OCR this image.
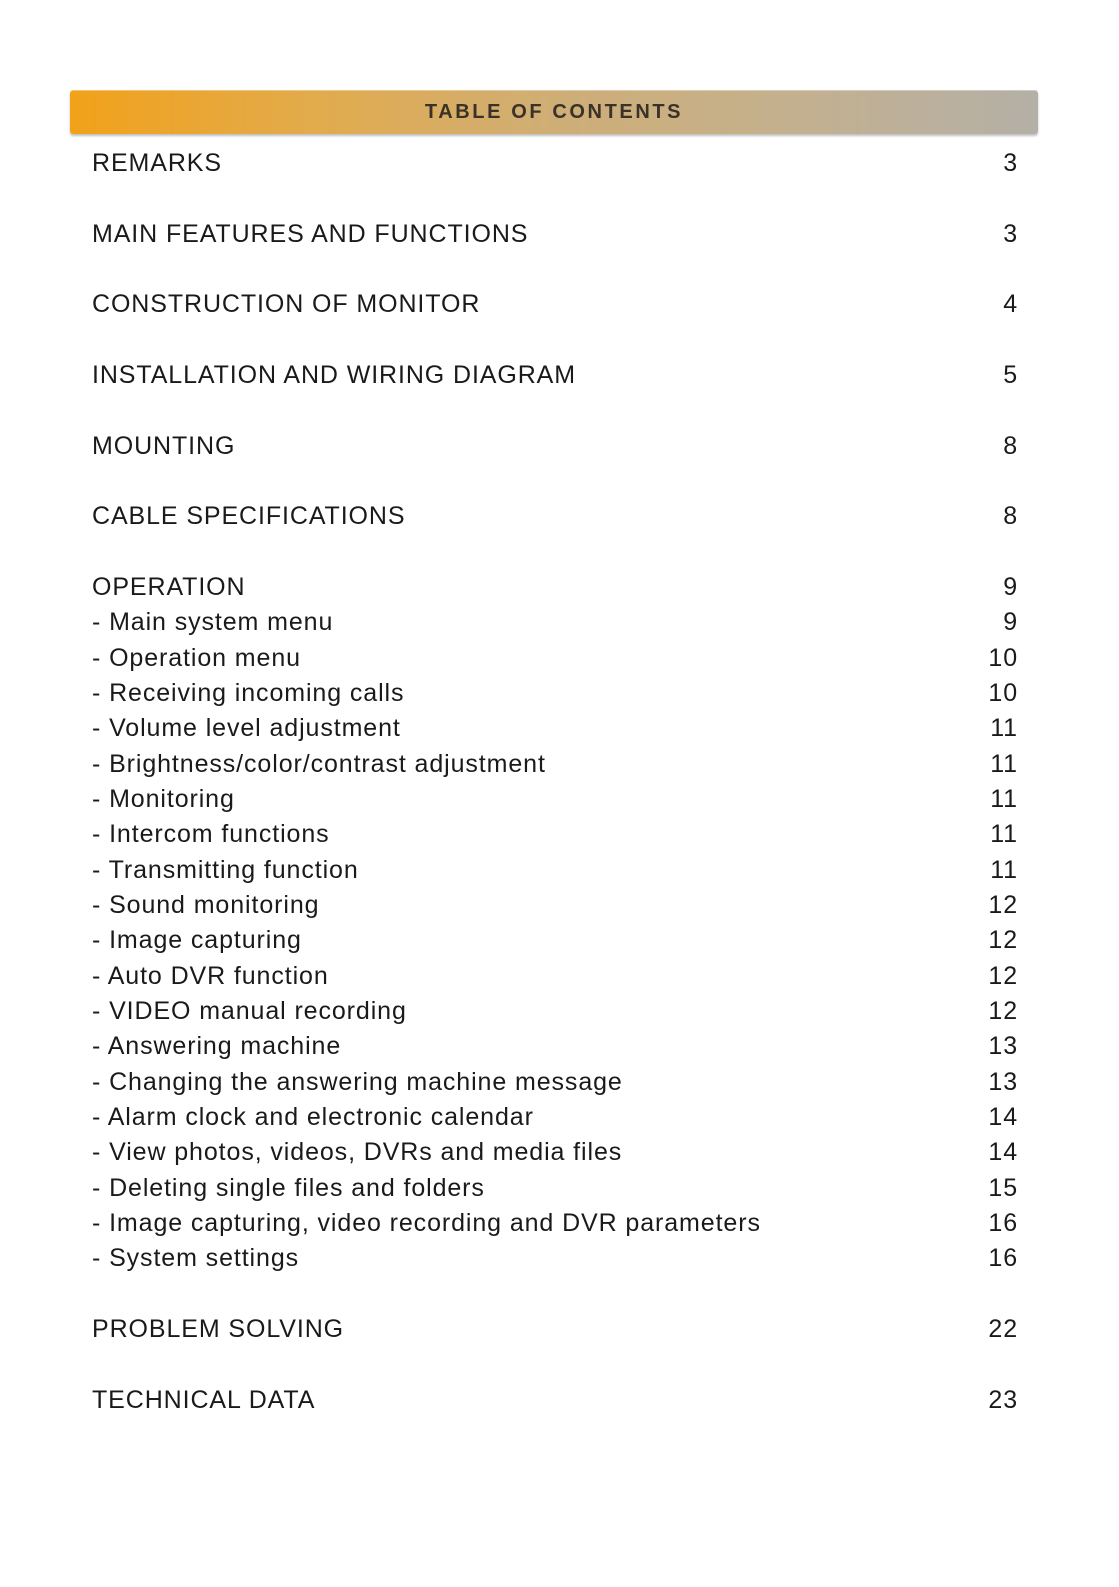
TABLE OF CONTENTS
REMARKS	3
MAIN FEATURES AND FUNCTIONS	3
CONSTRUCTION OF MONITOR	4
INSTALLATION AND WIRING DIAGRAM	5
MOUNTING	8
CABLE SPECIFICATIONS	8
OPERATION	9
- Main system menu	9
- Operation menu	10
- Receiving incoming calls	10
- Volume level adjustment	11
- Brightness/color/contrast adjustment	11
- Monitoring	11
- Intercom functions	11
- Transmitting function	11
- Sound monitoring	12
- Image capturing	12
- Auto DVR function	12
- VIDEO manual recording	12
- Answering machine	13
- Changing the answering machine message	13
- Alarm clock and electronic calendar	14
- View photos, videos, DVRs and media files	14
- Deleting single files and folders	15
- Image capturing, video recording and DVR parameters	16
- System settings	16
PROBLEM SOLVING	22
TECHNICAL DATA	23
